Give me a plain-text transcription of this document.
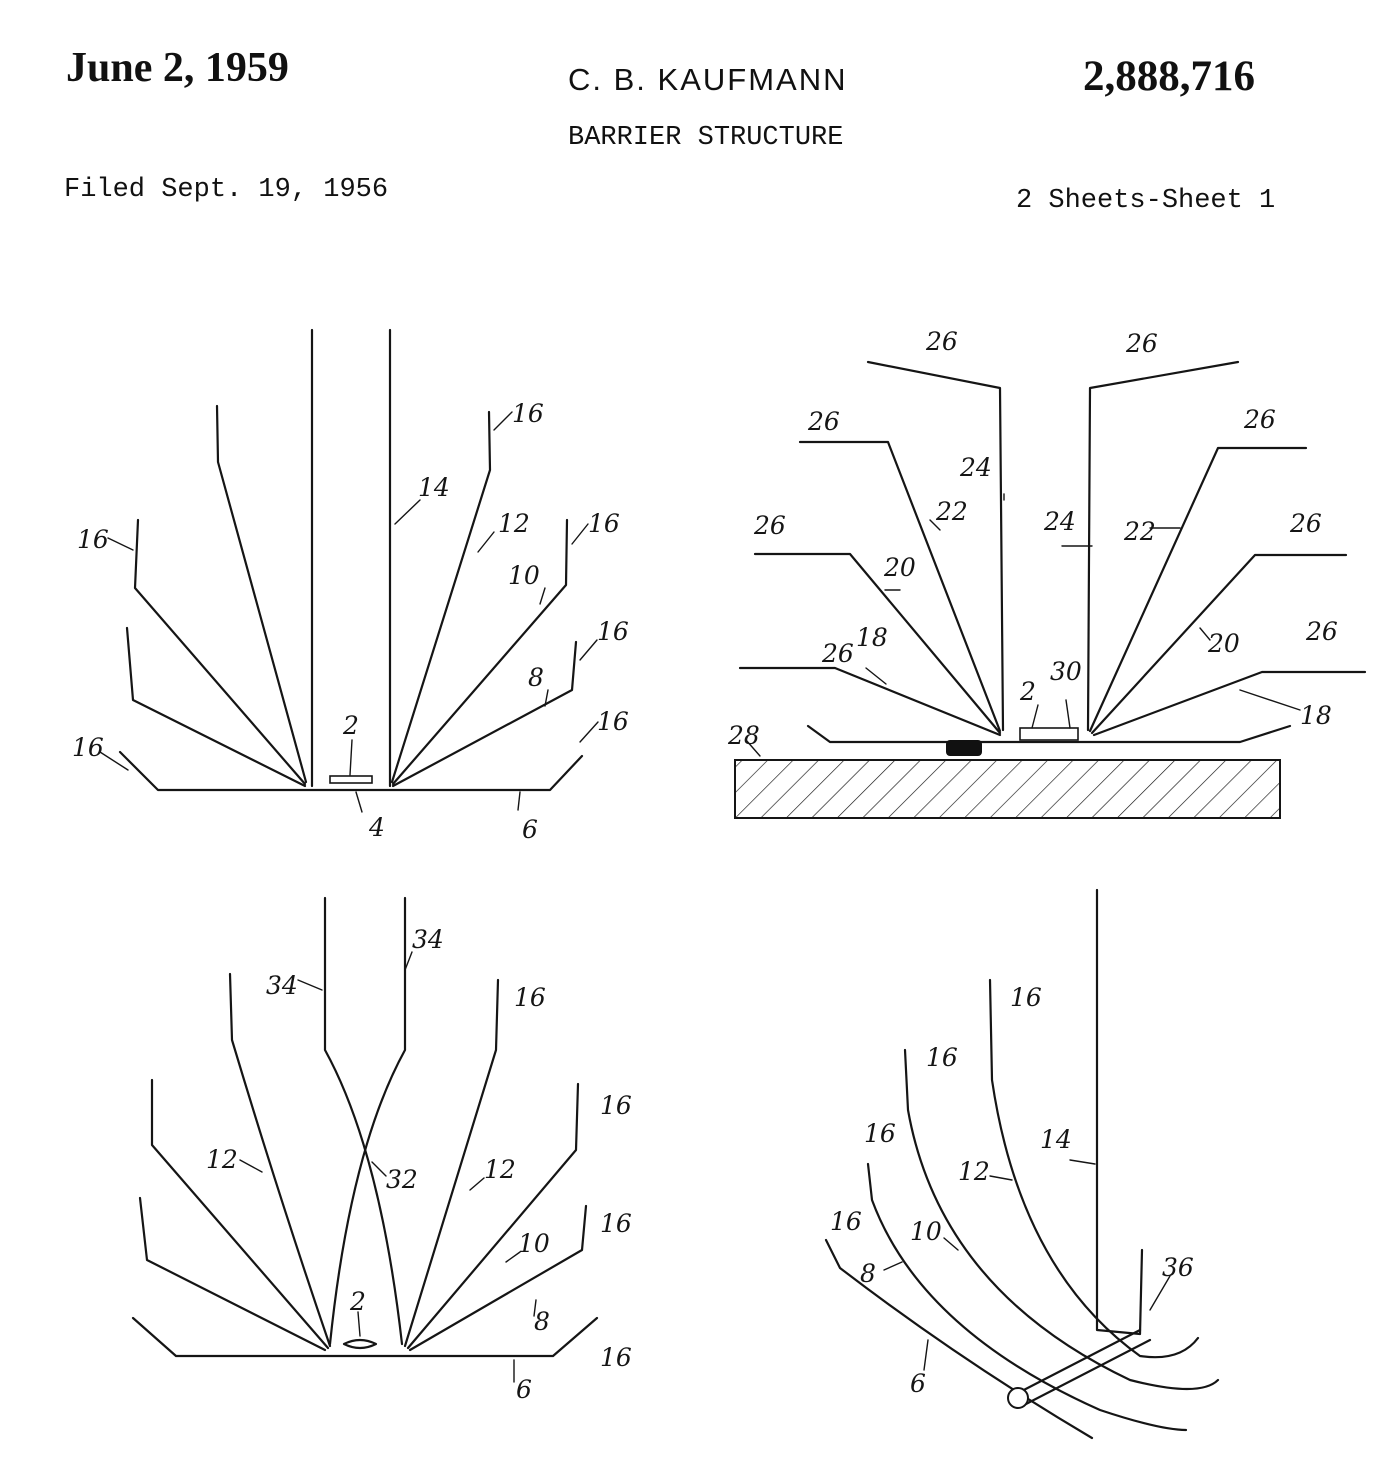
June 2, 1959	C. B. KAUFMANN	2,888,716
BARRIER STRUCTURE
Filed Sept. 19, 1956	2 Sheets-Sheet 1
2
4	6
8
10
12
14
16
16
16
16
16
16
26
26
26
26	26
26
26
26
18
20
22
24
24 22
20
18
2
30
28
2
6
8
10
12	12
32
34
34
16
16
16
16
6
8
10
12
14
36
16
16
16
16
